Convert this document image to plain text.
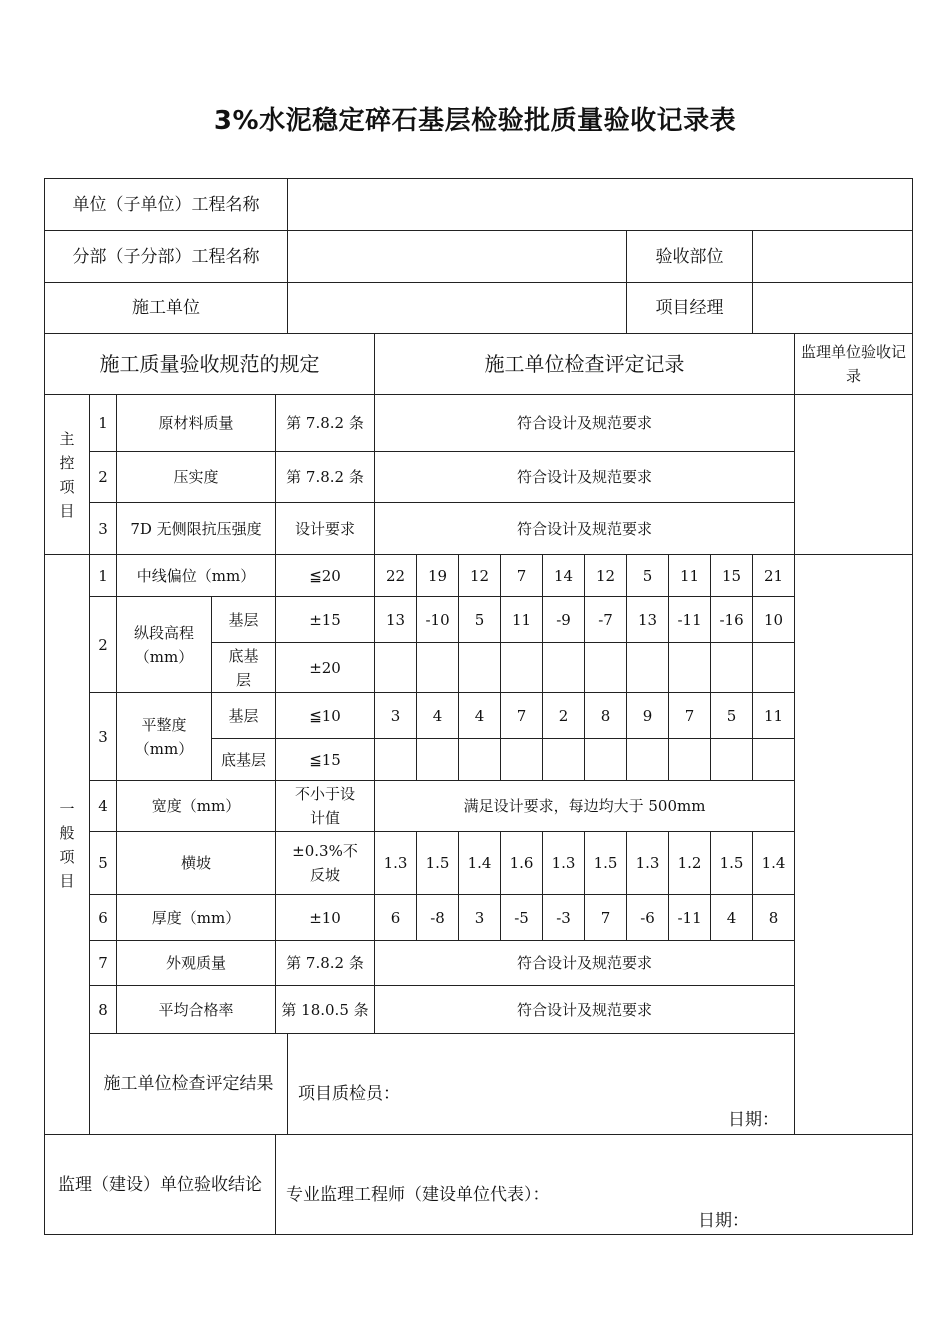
3%水泥稳定碎石基层检验批质量验收记录表
单位（子单位）工程名称																
分部（子分部）工程名称												验收部位				
施工单位												项目经理				
施工质量验收规范的规定						施工单位检查评定记录										监理单位验收记录
主控项目	1	原材料质量		第 7.8.2 条		符合设计及规范要求										
	2	压实度		第 7.8.2 条		符合设计及规范要求										
	3	7D 无侧限抗压强度		设计要求		符合设计及规范要求										
一般项目	1	中线偏位（mm）		≦20		22	19	12	7	14	12	5	11	15	21	
	2	纵段高程（mm）	基层	±15		13	-10	5	11	-9	-7	13	-11	-16	10	
			底基层	±20												
	3	平整度（mm）	基层	≦10		3	4	4	7	2	8	9	7	5	11	
			底基层	≦15												
	4	宽度（mm）		不小于设计值		满足设计要求，每边均大于 500mm										
	5	横坡		±0.3%不反坡		1.3	1.5	1.4	1.6	1.3	1.5	1.3	1.2	1.5	1.4	
	6	厚度（mm）		±10		6	-8	3	-5	-3	7	-6	-11	4	8	
	7	外观质量		第 7.8.2 条		符合设计及规范要求										
	8	平均合格率		第 18.0.5 条		符合设计及规范要求										
	施工单位检查评定结果				项目质检员：
日期：											

监理（建设）单位验收结论				专业监理工程师（建设单位代表）：
日期：												
